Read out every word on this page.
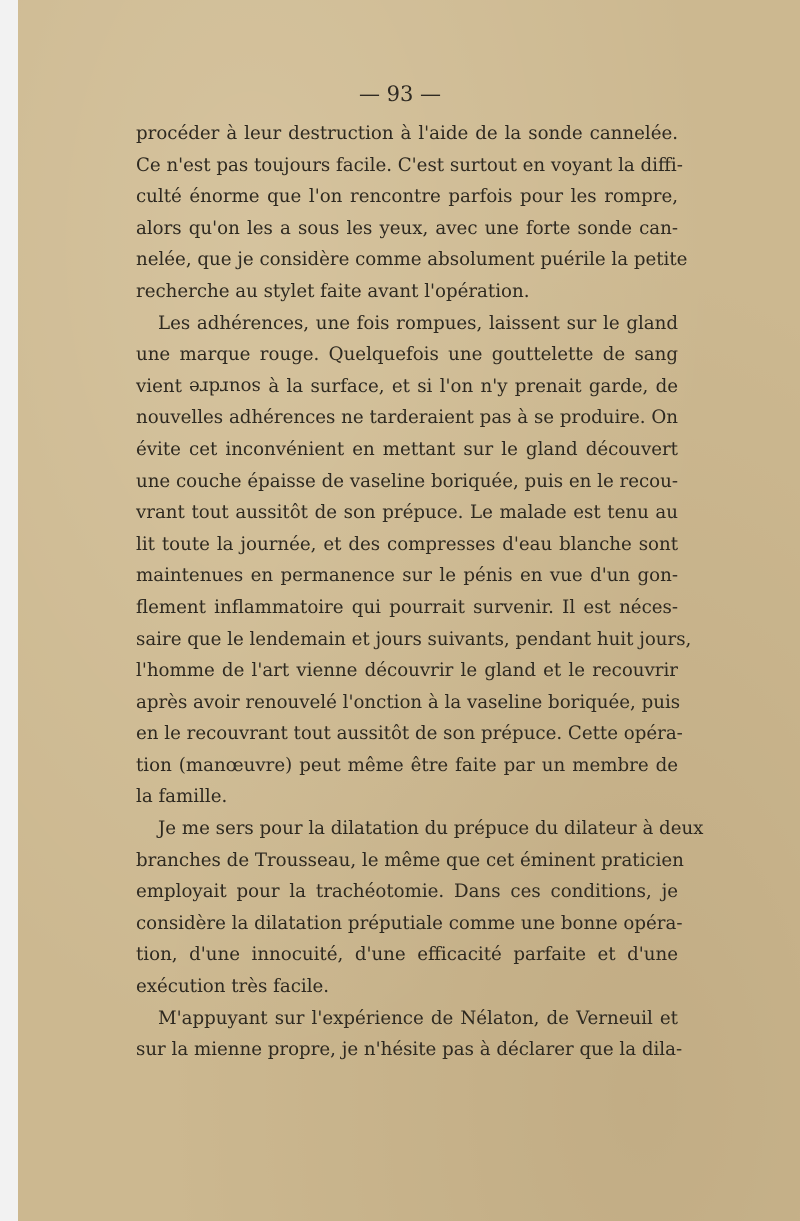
— 93 —
procéder à leur destruction à l'aide de la sonde cannelée.
Ce n'est pas toujours facile. C'est surtout en voyant la diffi-
culté énorme que l'on rencontre parfois pour les rompre,
alors qu'on les a sous les yeux, avec une forte sonde can-
nelée, que je considère comme absolument puérile la petite
recherche au stylet faite avant l'opération.
Les adhérences, une fois rompues, laissent sur le gland
une marque rouge. Quelquefois une gouttelette de sang
vient sourdre à la surface, et si l'on n'y prenait garde, de
nouvelles adhérences ne tarderaient pas à se produire. On
évite cet inconvénient en mettant sur le gland découvert
une couche épaisse de vaseline boriquée, puis en le recou-
vrant tout aussitôt de son prépuce. Le malade est tenu au
lit toute la journée, et des compresses d'eau blanche sont
maintenues en permanence sur le pénis en vue d'un gon-
flement inflammatoire qui pourrait survenir. Il est néces-
saire que le lendemain et jours suivants, pendant huit jours,
l'homme de l'art vienne découvrir le gland et le recouvrir
après avoir renouvelé l'onction à la vaseline boriquée, puis
en le recouvrant tout aussitôt de son prépuce. Cette opéra-
tion (manœuvre) peut même être faite par un membre de
la famille.
Je me sers pour la dilatation du prépuce du dilateur à deux
branches de Trousseau, le même que cet éminent praticien
employait pour la trachéotomie. Dans ces conditions, je
considère la dilatation préputiale comme une bonne opéra-
tion, d'une innocuité, d'une efficacité parfaite et d'une
exécution très facile.
M'appuyant sur l'expérience de Nélaton, de Verneuil et
sur la mienne propre, je n'hésite pas à déclarer que la dila-
